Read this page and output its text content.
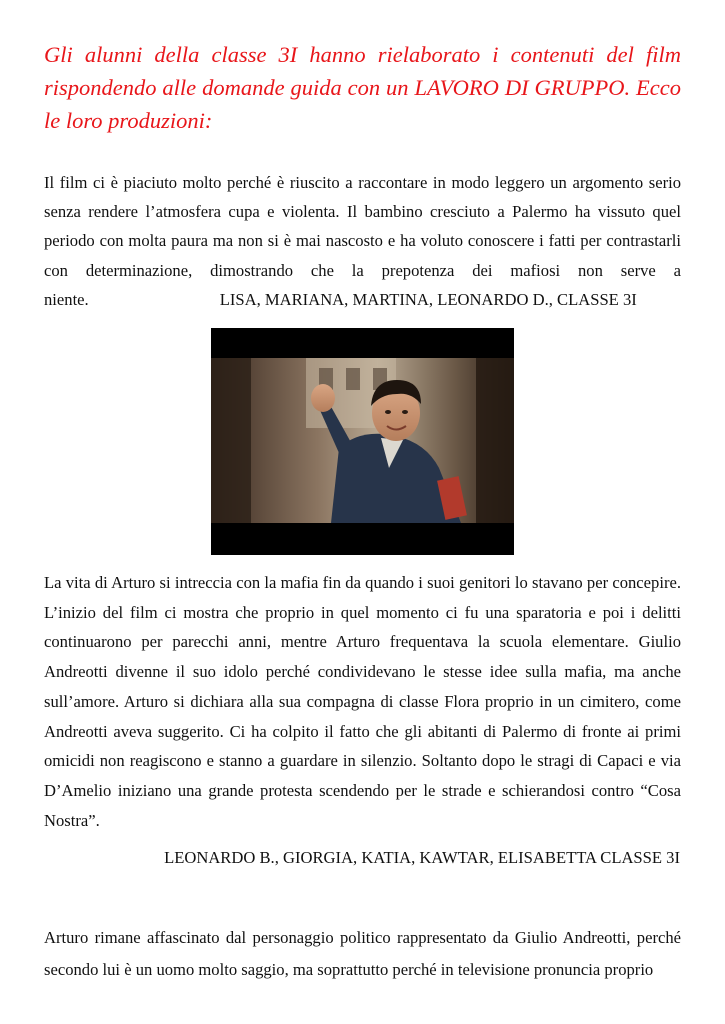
Gli alunni della classe 3I hanno rielaborato i contenuti del film rispondendo alle domande guida con un LAVORO DI GRUPPO. Ecco le loro produzioni:

Il film ci è piaciuto molto perché è riuscito a raccontare in modo leggero un argomento serio senza rendere l’atmosfera cupa e violenta. Il bambino cresciuto a Palermo ha vissuto quel periodo con molta paura ma non si è mai nascosto e ha voluto conoscere i fatti per contrastarli con determinazione, dimostrando che la prepotenza dei mafiosi non serve a niente.	LISA, MARIANA, MARTINA, LEONARDO D., CLASSE 3I

La vita di Arturo si intreccia con la mafia fin da quando i suoi genitori lo stavano per concepire. L’inizio del film ci mostra che proprio in quel momento ci fu una sparatoria e poi i delitti continuarono per parecchi anni, mentre Arturo frequentava la scuola elementare. Giulio Andreotti divenne il suo idolo perché condividevano le stesse idee sulla mafia, ma anche sull’amore. Arturo si dichiara alla sua compagna di classe Flora proprio in un cimitero, come Andreotti aveva suggerito. Ci ha colpito il fatto che gli abitanti di Palermo di fronte ai primi omicidi non reagiscono e stanno a guardare in silenzio. Soltanto dopo le stragi di Capaci e via D’Amelio iniziano una grande protesta scendendo per le strade e schierandosi contro “Cosa Nostra”.

LEONARDO B., GIORGIA, KATIA, KAWTAR, ELISABETTA CLASSE 3I

Arturo rimane affascinato dal personaggio politico rappresentato da Giulio Andreotti, perché secondo lui è un uomo molto saggio, ma soprattutto perché in televisione pronuncia proprio
